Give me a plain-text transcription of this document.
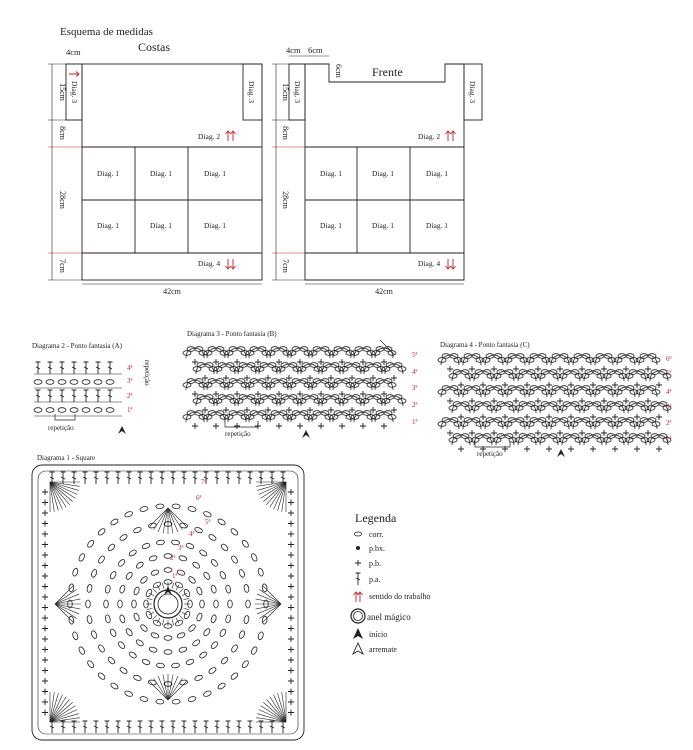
Esquema de medidas
Costas
4cm
15cm
8cm
28cm
7cm
Diag. 3	Diag. 3
Diag. 2
Diag. 1	Diag. 1	Diag. 1
Diag. 1	Diag. 1	Diag. 1
Diag. 4
42cm
4cm 6cm
6cm Frente
15cm
8cm
28cm
7cm
Diag. 3	Diag. 3
Diag. 2
Diag. 1	Diag. 1	Diag. 1
Diag. 1	Diag. 1	Diag. 1
Diag. 4
42cm
Diagrama 2 - Ponto fantasia (A)
4ª
3ª
2ª
1ª
repetição
repetição
Diagrama 3 - Ponto fantasia (B)
5ª
4ª
3ª
2ª
1ª
repetição
Diagrama 4 - Ponto fantasia (C)
6ª
5ª
4ª
3ª
2ª
1ª
repetição
Diagrama 1 - Square
7ª
6ª
5ª
4ª
3ª
2ª
1ª
Legenda
corr.
p.bx.
p.b.
p.a.
sentido do trabalho
anel mágico
início
arremate
